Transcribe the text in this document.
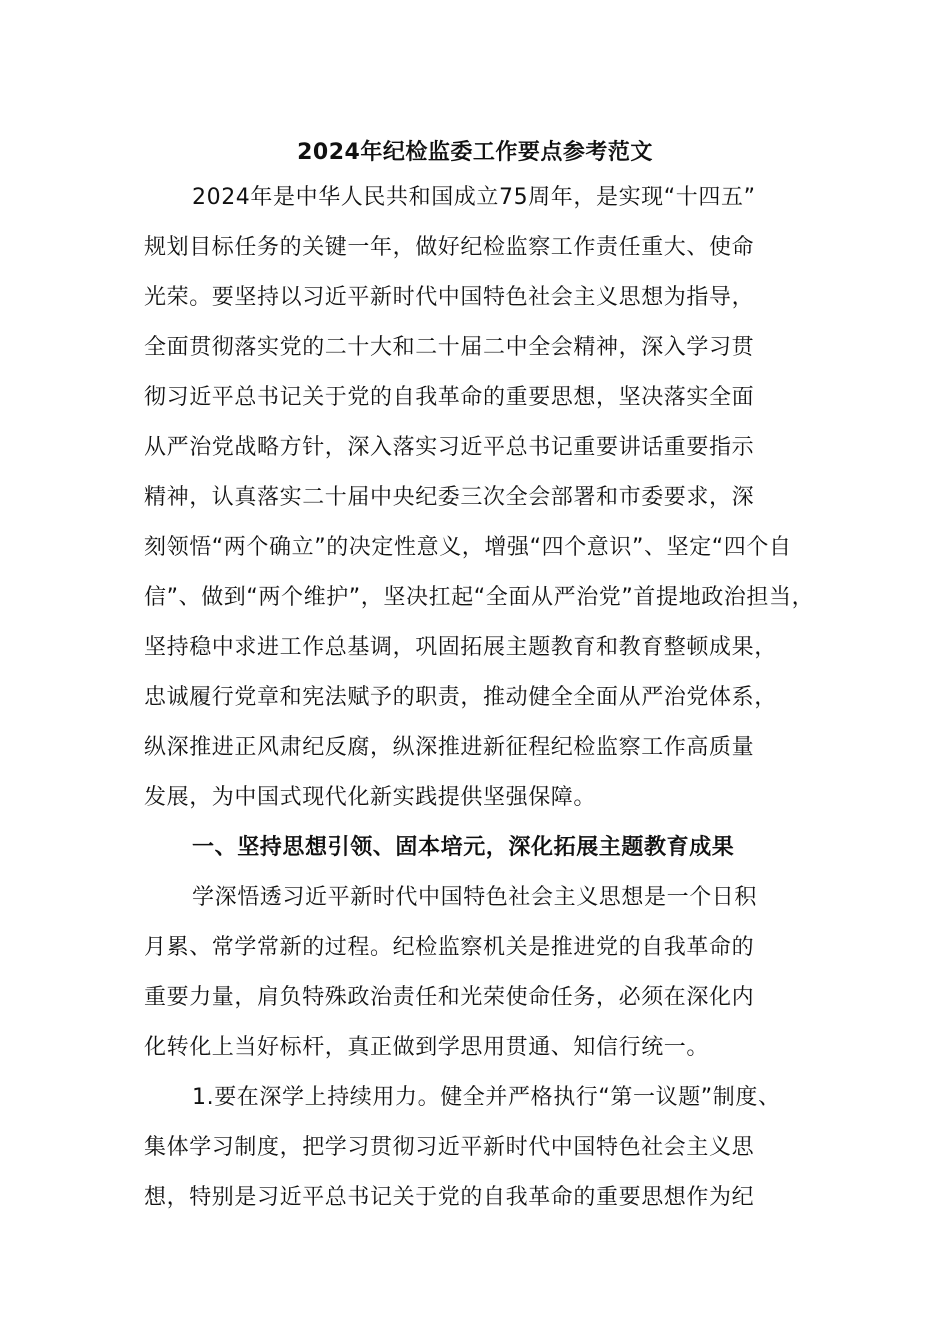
2024年纪检监委工作要点参考范文
2024年是中华人民共和国成立75周年，是实现“十四五”
规划目标任务的关键一年，做好纪检监察工作责任重大、使命
光荣。要坚持以习近平新时代中国特色社会主义思想为指导，
全面贯彻落实党的二十大和二十届二中全会精神，深入学习贯
彻习近平总书记关于党的自我革命的重要思想，坚决落实全面
从严治党战略方针，深入落实习近平总书记重要讲话重要指示
精神，认真落实二十届中央纪委三次全会部署和市委要求，深
刻领悟“两个确立”的决定性意义，增强“四个意识”、坚定“四个自
信”、做到“两个维护”，坚决扛起“全面从严治党”首提地政治担当，
坚持稳中求进工作总基调，巩固拓展主题教育和教育整顿成果，
忠诚履行党章和宪法赋予的职责，推动健全全面从严治党体系，
纵深推进正风肃纪反腐，纵深推进新征程纪检监察工作高质量
发展，为中国式现代化新实践提供坚强保障。
一、坚持思想引领、固本培元，深化拓展主题教育成果
学深悟透习近平新时代中国特色社会主义思想是一个日积
月累、常学常新的过程。纪检监察机关是推进党的自我革命的
重要力量，肩负特殊政治责任和光荣使命任务，必须在深化内
化转化上当好标杆，真正做到学思用贯通、知信行统一。
1.要在深学上持续用力。健全并严格执行“第一议题”制度、
集体学习制度，把学习贯彻习近平新时代中国特色社会主义思
想，特别是习近平总书记关于党的自我革命的重要思想作为纪
